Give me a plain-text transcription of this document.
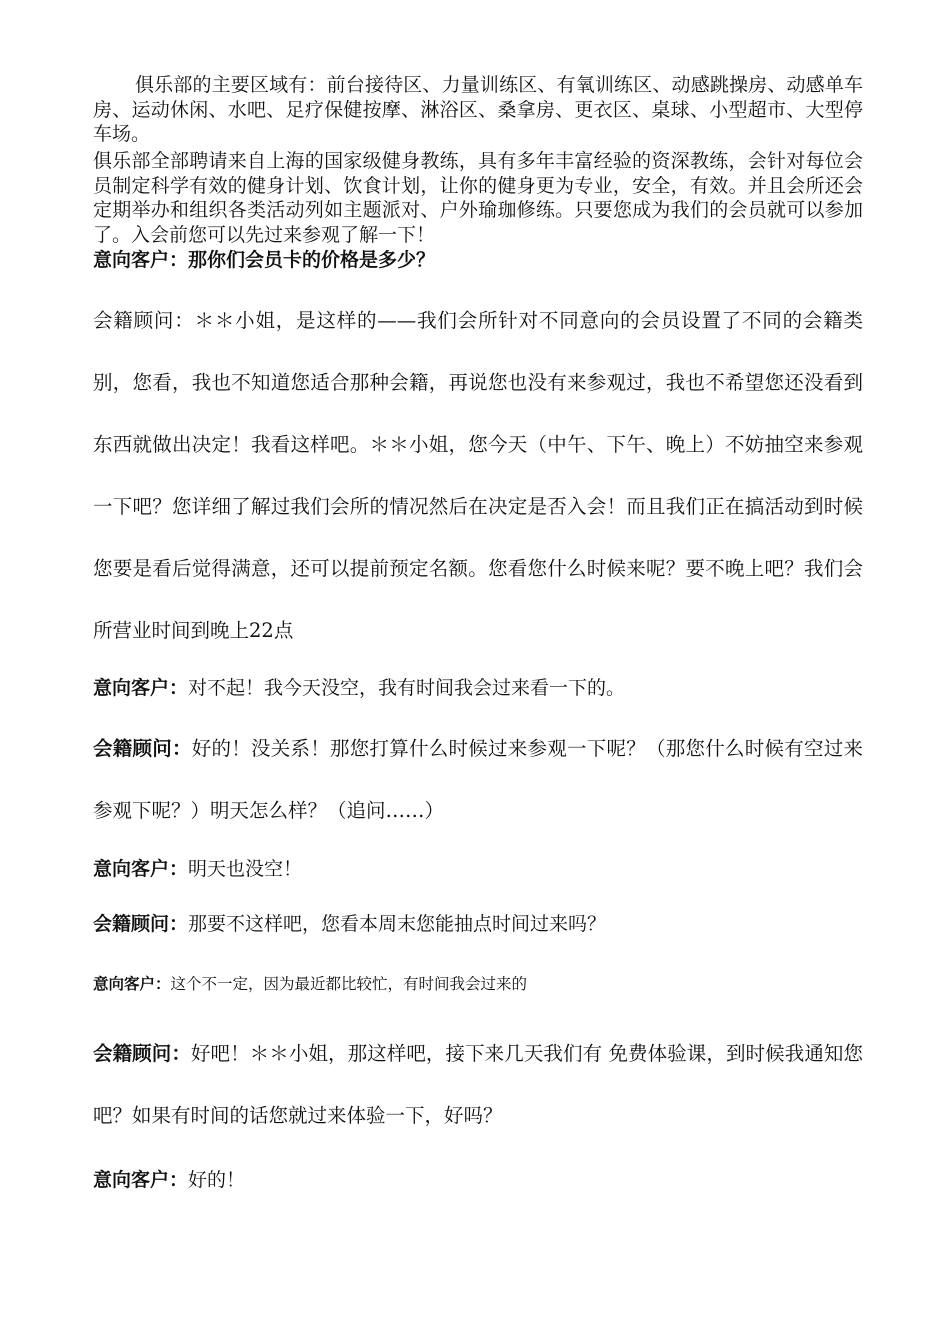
俱乐部的主要区域有：前台接待区、力量训练区、有氧训练区、动感跳操房、动感单车房、运动休闲、水吧、足疗保健按摩、淋浴区、桑拿房、更衣区、桌球、小型超市、大型停车场。

俱乐部全部聘请来自上海的国家级健身教练，具有多年丰富经验的资深教练，会针对每位会员制定科学有效的健身计划、饮食计划，让你的健身更为专业，安全，有效。并且会所还会定期举办和组织各类活动列如主题派对、户外瑜珈修练。只要您成为我们的会员就可以参加了。入会前您可以先过来参观了解一下！

意向客户：那你们会员卡的价格是多少？

会籍顾问：＊＊小姐，是这样的——我们会所针对不同意向的会员设置了不同的会籍类别，您看，我也不知道您适合那种会籍，再说您也没有来参观过，我也不希望您还没看到东西就做出决定！我看这样吧。＊＊小姐，您今天（中午、下午、晚上）不妨抽空来参观一下吧？您详细了解过我们会所的情况然后在决定是否入会！而且我们正在搞活动到时候您要是看后觉得满意，还可以提前预定名额。您看您什么时候来呢？要不晚上吧？我们会所营业时间到晚上22点

意向客户：对不起！我今天没空，我有时间我会过来看一下的。

会籍顾问：好的！没关系！那您打算什么时候过来参观一下呢？（那您什么时候有空过来参观下呢？）明天怎么样？（追问……）

意向客户：明天也没空！

会籍顾问：那要不这样吧，您看本周末您能抽点时间过来吗？

意向客户：这个不一定，因为最近都比较忙，有时间我会过来的

会籍顾问：好吧！＊＊小姐，那这样吧，接下来几天我们有 免费体验课，到时候我通知您吧？如果有时间的话您就过来体验一下，好吗？

意向客户：好的！
